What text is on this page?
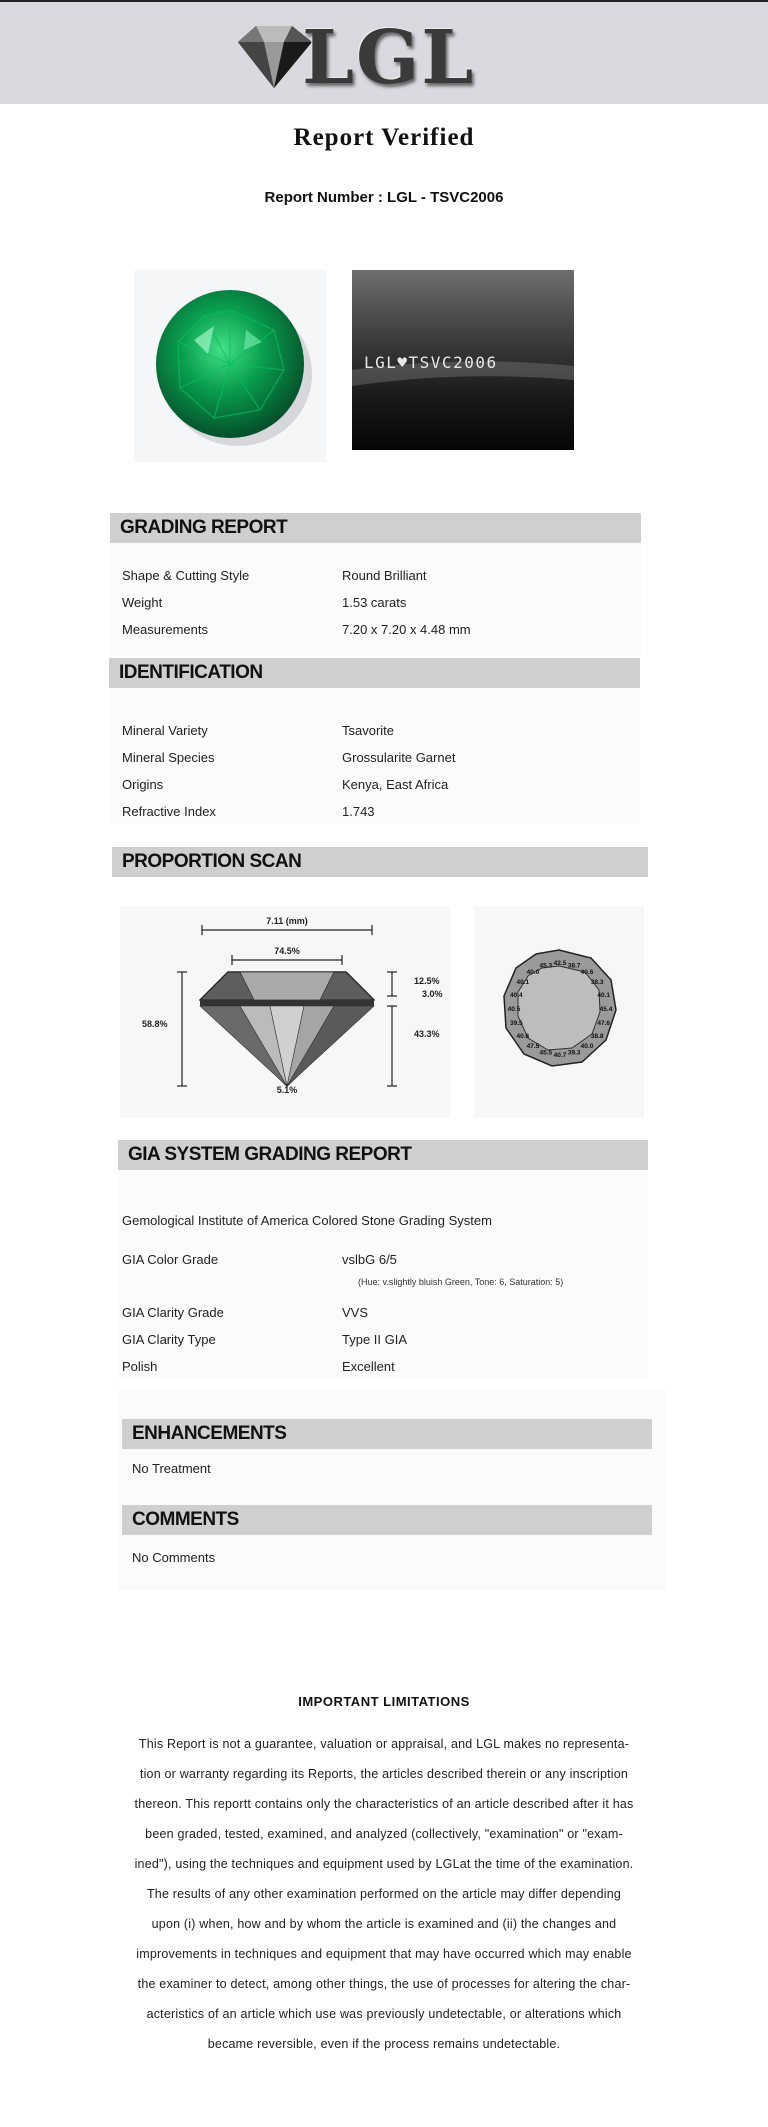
LGL
Report Verified
Report Number : LGL - TSVC2006
LGL♥TSVC2006
GRADING REPORT
Shape & Cutting Style	Round Brilliant
Weight	1.53 carats
Measurements	7.20 x 7.20 x 4.48 mm
IDENTIFICATION
Mineral Variety	Tsavorite
Mineral Species	Grossularite Garnet
Origins	Kenya, East Africa
Refractive Index	1.743
PROPORTION SCAN
7.11 (mm)
74.5%
58.8%
12.5%
3.0%
43.3%
5.1%
42.5 38.7
40.6
38.3
40.1
45.4
47.6
38.8
40.0
39.3
40.7
45.5
47.5
40.6
39.5
40.5
40.4
40.1
40.0
45.3
GIA SYSTEM GRADING REPORT
Gemological Institute of America Colored Stone Grading System
GIA Color Grade	vslbG 6/5
(Hue: v.slightly bluish Green, Tone: 6, Saturation: 5)
GIA Clarity Grade	VVS
GIA Clarity Type	Type II GIA
Polish	Excellent
ENHANCEMENTS
No Treatment
COMMENTS
No Comments
IMPORTANT LIMITATIONS
This Report is not a guarantee, valuation or appraisal, and LGL makes no representa-
tion or warranty regarding its Reports, the articles described therein or any inscription
thereon. This reportt contains only the characteristics of an article described after it has
been graded, tested, examined, and analyzed (collectively, "examination" or "exam-
ined"), using the techniques and equipment used by LGLat the time of the examination.
The results of any other examination performed on the article may differ depending
upon (i) when, how and by whom the article is examined and (ii) the changes and
improvements in techniques and equipment that may have occurred which may enable
the examiner to detect, among other things, the use of processes for altering the char-
acteristics of an article which use was previously undetectable, or alterations which
became reversible, even if the process remains undetectable.
